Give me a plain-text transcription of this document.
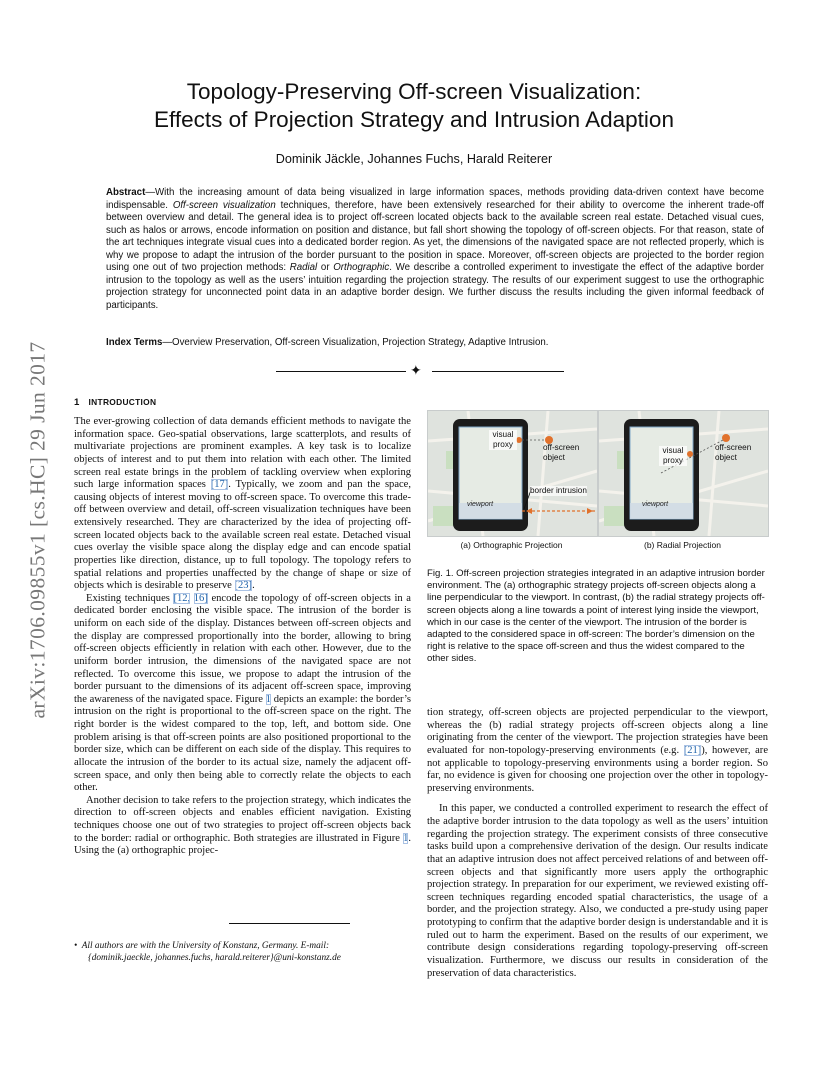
arXiv:1706.09855v1 [cs.HC] 29 Jun 2017
Topology-Preserving Off-screen Visualization:
Effects of Projection Strategy and Intrusion Adaption
Dominik Jäckle, Johannes Fuchs, Harald Reiterer
Abstract—With the increasing amount of data being visualized in large information spaces, methods providing data-driven context have become indispensable. Off-screen visualization techniques, therefore, have been extensively researched for their ability to overcome the inherent trade-off between overview and detail. The general idea is to project off-screen located objects back to the available screen real estate. Detached visual cues, such as halos or arrows, encode information on position and distance, but fall short showing the topology of off-screen objects. For that reason, state of the art techniques integrate visual cues into a dedicated border region. As yet, the dimensions of the navigated space are not reflected properly, which is why we propose to adapt the intrusion of the border pursuant to the position in space. Moreover, off-screen objects are projected to the border region using one out of two projection methods: Radial or Orthographic. We describe a controlled experiment to investigate the effect of the adaptive border intrusion to the topology as well as the users’ intuition regarding the projection strategy. The results of our experiment suggest to use the orthographic projection strategy for unconnected point data in an adaptive border design. We further discuss the results including the given informal feedback of participants.
Index Terms—Overview Preservation, Off-screen Visualization, Projection Strategy, Adaptive Intrusion.
✦
1 INTRODUCTION

The ever-growing collection of data demands efficient methods to navigate the information space. Geo-spatial observations, large scatterplots, and results of multivariate projections are prominent examples. A key task is to localize objects of interest and to put them into relation with each other. The limited screen real estate brings in the problem of tackling overview when exploring such large information spaces [17]. Typically, we zoom and pan the space, causing objects of interest moving to off-screen space. To overcome this trade-off between overview and detail, off-screen visualization techniques have been extensively researched. They are characterized by the idea of projecting off-screen located objects back to the available screen real estate. Detached visual cues overlay the visible space along the display edge and can encode spatial properties like direction, distance, up to full topology. The topology refers to spatial relations and properties unaffected by the change of shape or size of objects which is desirable to preserve [23].

Existing techniques [12, 16] encode the topology of off-screen objects in a dedicated border enclosing the visible space. The intrusion of the border is uniform on each side of the display. Distances between off-screen objects and the display are compressed proportionally into the border, allowing to bring off-screen objects efficiently in relation with each other. However, due to the uniform border intrusion, the dimensions of the navigated space are not reflected. To overcome this issue, we propose to adapt the intrusion of the border pursuant to the dimensions of its adjacent off-screen space, improving the awareness of the navigated space. Figure 1 depicts an example: the border’s intrusion on the right is proportional to the off-screen space on the right. The right border is the widest compared to the top, left, and bottom side. One problem arising is that off-screen points are also positioned proportional to the border size, which can be different on each side of the display. This requires to allocate the intrusion of the border to its actual size, namely the adjacent off-screen space, and only then being able to correctly relate the objects to each other.

Another decision to take refers to the projection strategy, which indicates the direction to off-screen objects and enables efficient navigation. Existing techniques choose one out of two strategies to project off-screen objects back to the border: radial or orthographic. Both strategies are illustrated in Figure 1. Using the (a) orthographic projec-

•  All authors are with the University of Konstanz, Germany. E-mail:
{dominik.jaeckle, johannes.fuchs, harald.reiterer}@uni-konstanz.de
visual proxy	off-screen object
border intrusion
viewport
(a) Orthographic Projection
visual proxy
off-screen object
viewport
(b) Radial Projection
Fig. 1. Off-screen projection strategies integrated in an adaptive intrusion border environment. The (a) orthographic strategy projects off-screen objects along a line perpendicular to the viewport. In contrast, (b) the radial strategy projects off-screen objects along a line towards a point of interest lying inside the viewport, which in our case is the center of the viewport. The intrusion of the border is adapted to the considered space in off-screen: The border’s dimension on the right is relative to the space off-screen and thus the widest compared to the other sides.

tion strategy, off-screen objects are projected perpendicular to the viewport, whereas the (b) radial strategy projects off-screen objects along a line originating from the center of the viewport. The projection strategies have been evaluated for non-topology-preserving environments (e.g. [21]), however, are not applicable to topology-preserving environments using a border region. So far, no evidence is given for choosing one projection over the other in topology-preserving environments.

In this paper, we conducted a controlled experiment to research the effect of the adaptive border intrusion to the data topology as well as the users’ intuition regarding the projection strategy. The experiment consists of three consecutive tasks build upon a comprehensive derivation of the design. Our results indicate that an adaptive intrusion does not affect perceived relations of and between off-screen objects and that significantly more users apply the orthographic projection strategy. In preparation for our experiment, we reviewed existing off-screen techniques regarding encoded spatial characteristics, the usage of a border, and the projection strategy. Also, we conducted a pre-study using paper prototyping to confirm that the adaptive border design is understandable and it is ruled out to harm the experiment. Based on the results of our experiment, we contribute design considerations regarding topology-preserving off-screen visualization. Furthermore, we discuss our results in consideration of the preservation of data characteristics.
